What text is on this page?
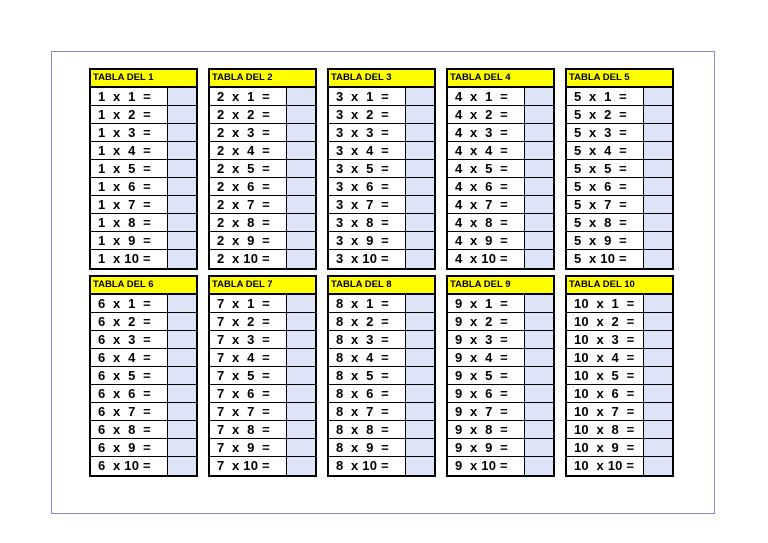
TABLA DEL 1
1  x  1  =
1  x  2  =
1  x  3  =
1  x  4  =
1  x  5  =
1  x  6  =
1  x  7  =
1  x  8  =
1  x  9  =
1  x 10 =
TABLA DEL 2
2  x  1  =
2  x  2  =
2  x  3  =
2  x  4  =
2  x  5  =
2  x  6  =
2  x  7  =
2  x  8  =
2  x  9  =
2  x 10 =
TABLA DEL 3
3  x  1  =
3  x  2  =
3  x  3  =
3  x  4  =
3  x  5  =
3  x  6  =
3  x  7  =
3  x  8  =
3  x  9  =
3  x 10 =
TABLA DEL 4
4  x  1  =
4  x  2  =
4  x  3  =
4  x  4  =
4  x  5  =
4  x  6  =
4  x  7  =
4  x  8  =
4  x  9  =
4  x 10 =
TABLA DEL 5
5  x  1  =
5  x  2  =
5  x  3  =
5  x  4  =
5  x  5  =
5  x  6  =
5  x  7  =
5  x  8  =
5  x  9  =
5  x 10 =
TABLA DEL 6
6  x  1  =
6  x  2  =
6  x  3  =
6  x  4  =
6  x  5  =
6  x  6  =
6  x  7  =
6  x  8  =
6  x  9  =
6  x 10 =
TABLA DEL 7
7  x  1  =
7  x  2  =
7  x  3  =
7  x  4  =
7  x  5  =
7  x  6  =
7  x  7  =
7  x  8  =
7  x  9  =
7  x 10 =
TABLA DEL 8
8  x  1  =
8  x  2  =
8  x  3  =
8  x  4  =
8  x  5  =
8  x  6  =
8  x  7  =
8  x  8  =
8  x  9  =
8  x 10 =
TABLA DEL 9
9  x  1  =
9  x  2  =
9  x  3  =
9  x  4  =
9  x  5  =
9  x  6  =
9  x  7  =
9  x  8  =
9  x  9  =
9  x 10 =
TABLA DEL 10
10  x  1  =
10  x  2  =
10  x  3  =
10  x  4  =
10  x  5  =
10  x  6  =
10  x  7  =
10  x  8  =
10  x  9  =
10  x 10 =
